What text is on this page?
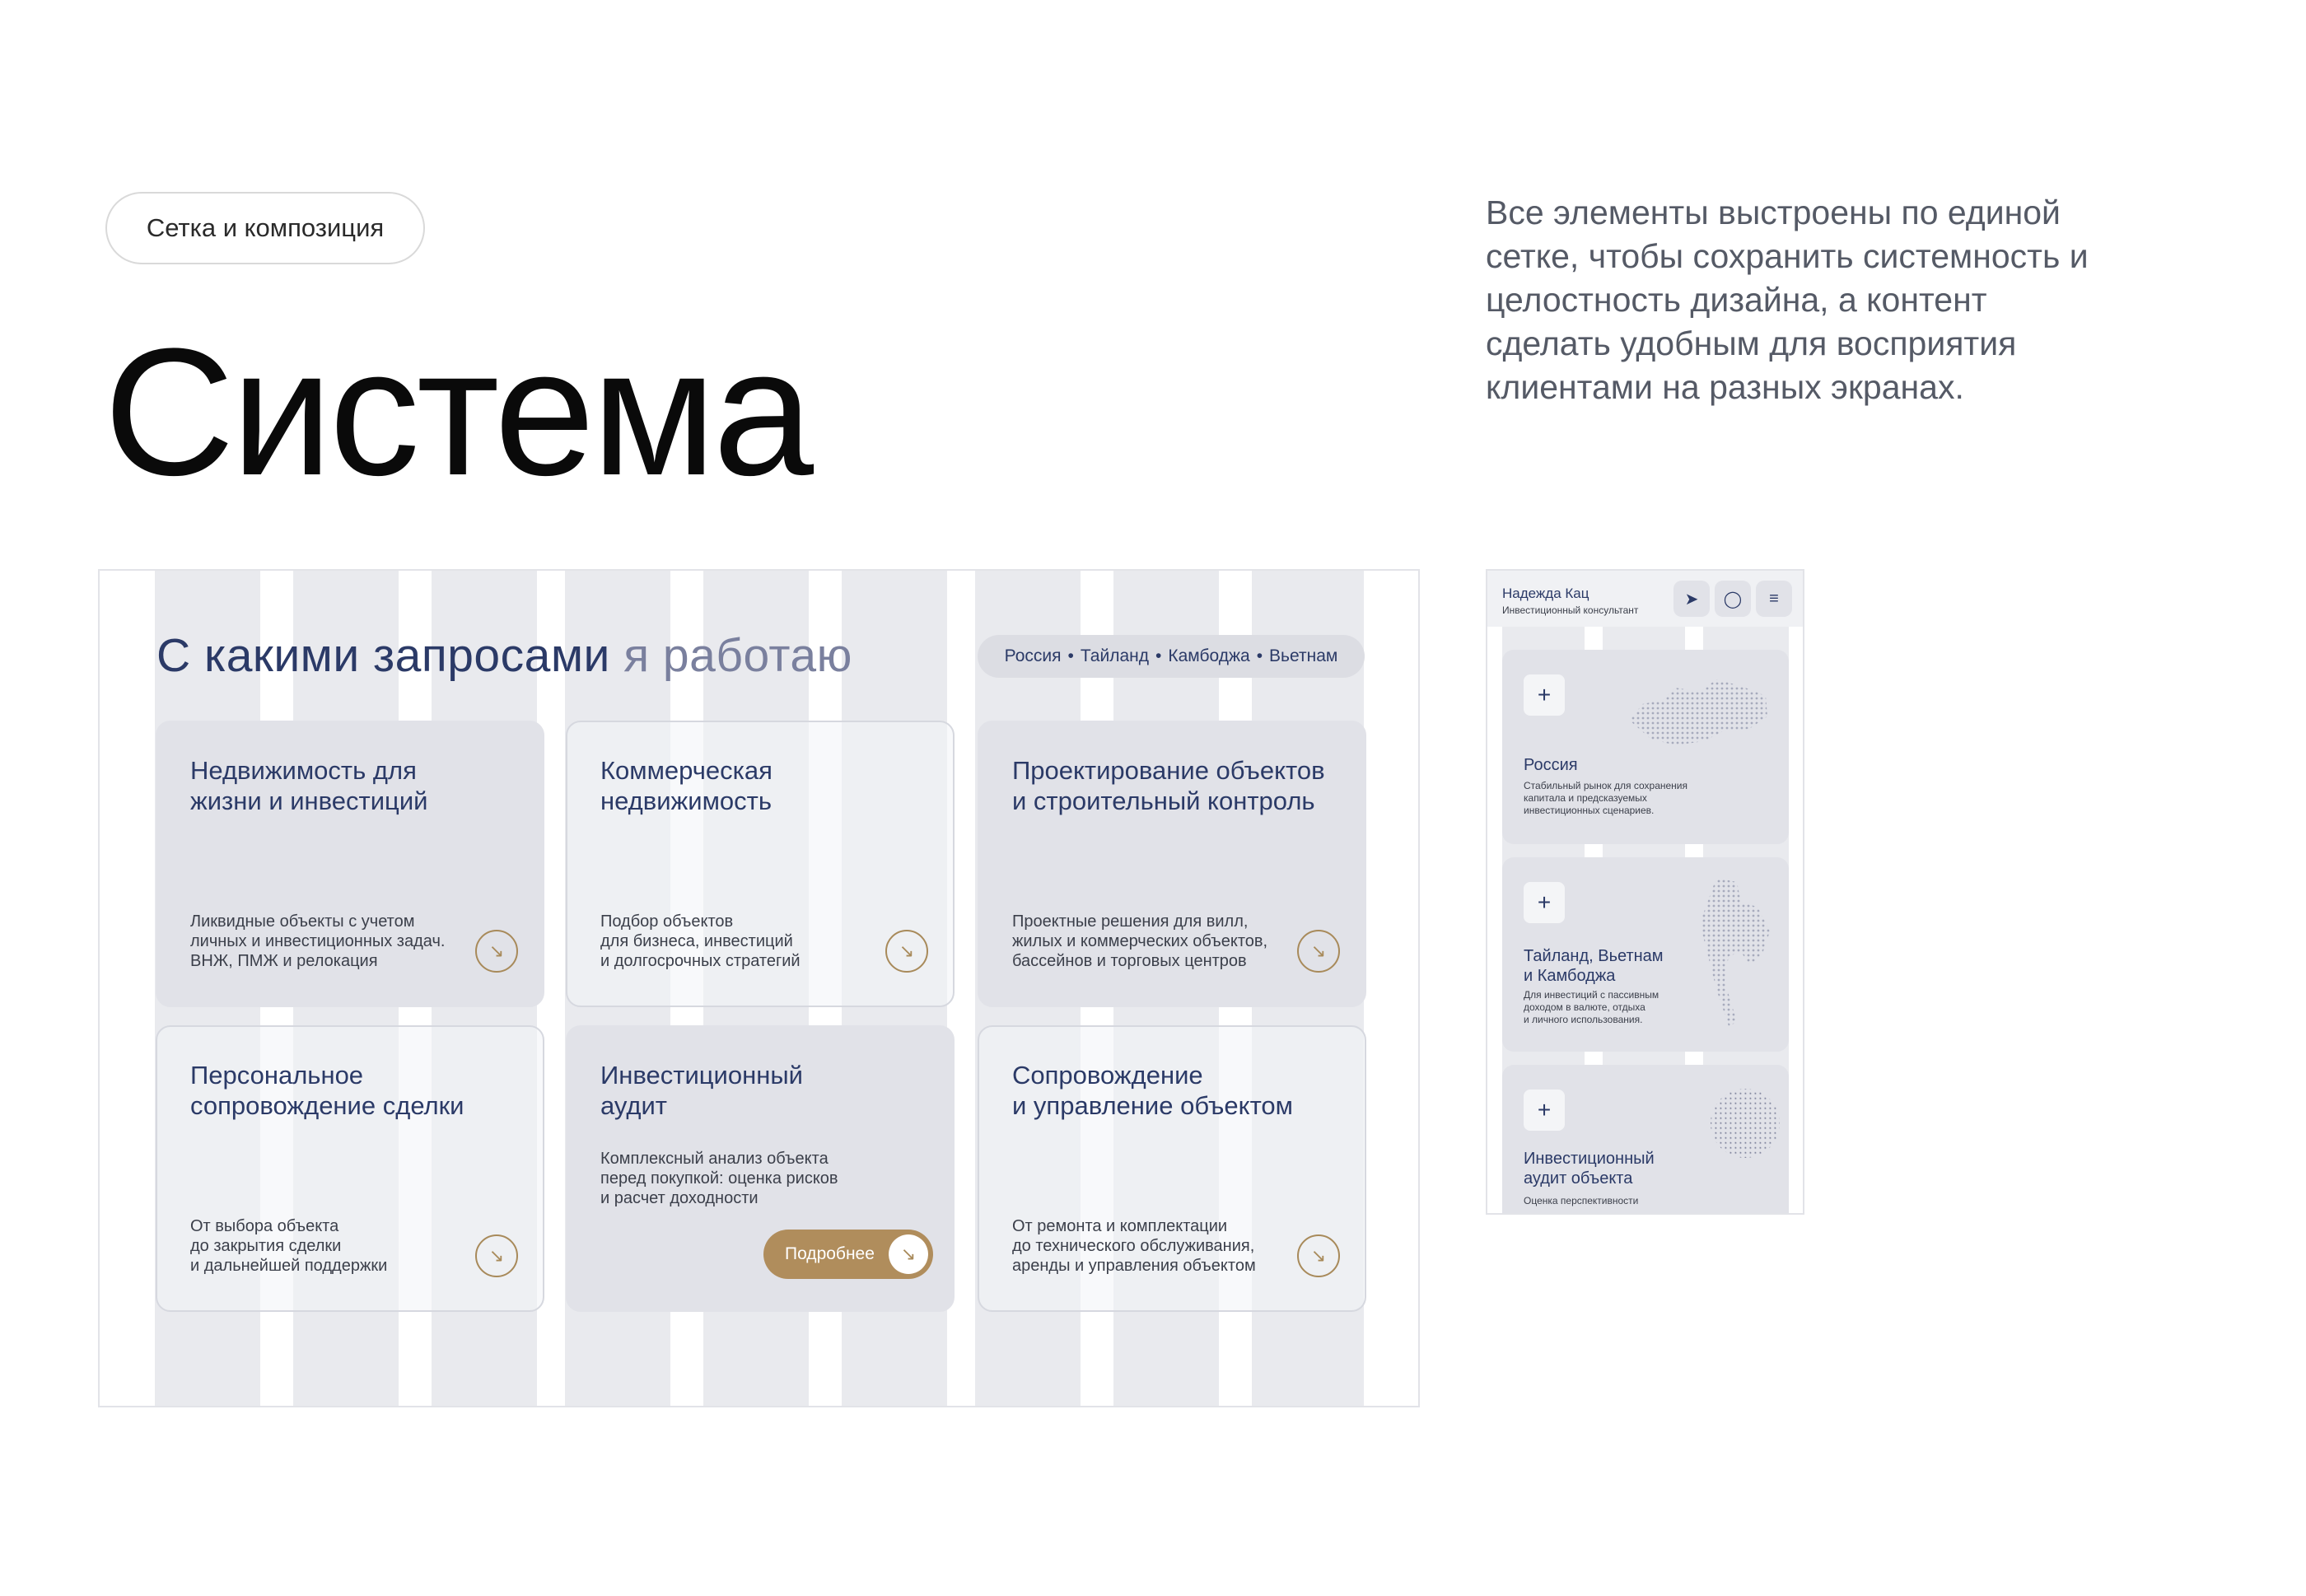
Сетка и композиция
Система
Все элементы выстроены по единой сетке, чтобы сохранить системность и целостность дизайна, а контент сделать удобным для восприятия клиентами на разных экранах.
С какими запросами я работаю	Россия • Тайланд • Камбоджа • Вьетнам
Недвижимость для
жизни и инвестиций
Ликвидные объекты с учетом
личных и инвестиционных задач.
ВНЖ, ПМЖ и релокация	↘
Коммерческая
недвижимость
Подбор объектов
для бизнеса, инвестиций
и долгосрочных стратегий	↘
Проектирование объектов
и строительный контроль
Проектные решения для вилл,
жилых и коммерческих объектов,
бассейнов и торговых центров	↘
Персональное
сопровождение сделки
От выбора объекта
до закрытия сделки
и дальнейшей поддержки	↘
Инвестиционный
аудит
Комплексный анализ объекта
перед покупкой: оценка рисков
и расчет доходности
Подробнее	↘
Сопровождение
и управление объектом
От ремонта и комплектации
до технического обслуживания,
аренды и управления объектом	↘
Надежда Кац
Инвестиционный консультант
➤	◯	≡
+
Россия
Стабильный рынок для сохранения
капитала и предсказуемых
инвестиционных сценариев.
+
Тайланд, Вьетнам
и Камбоджа
Для инвестиций с пассивным
доходом в валюте, отдыха
и личного использования.
+
Инвестиционный
аудит объекта
Оценка перспективности
